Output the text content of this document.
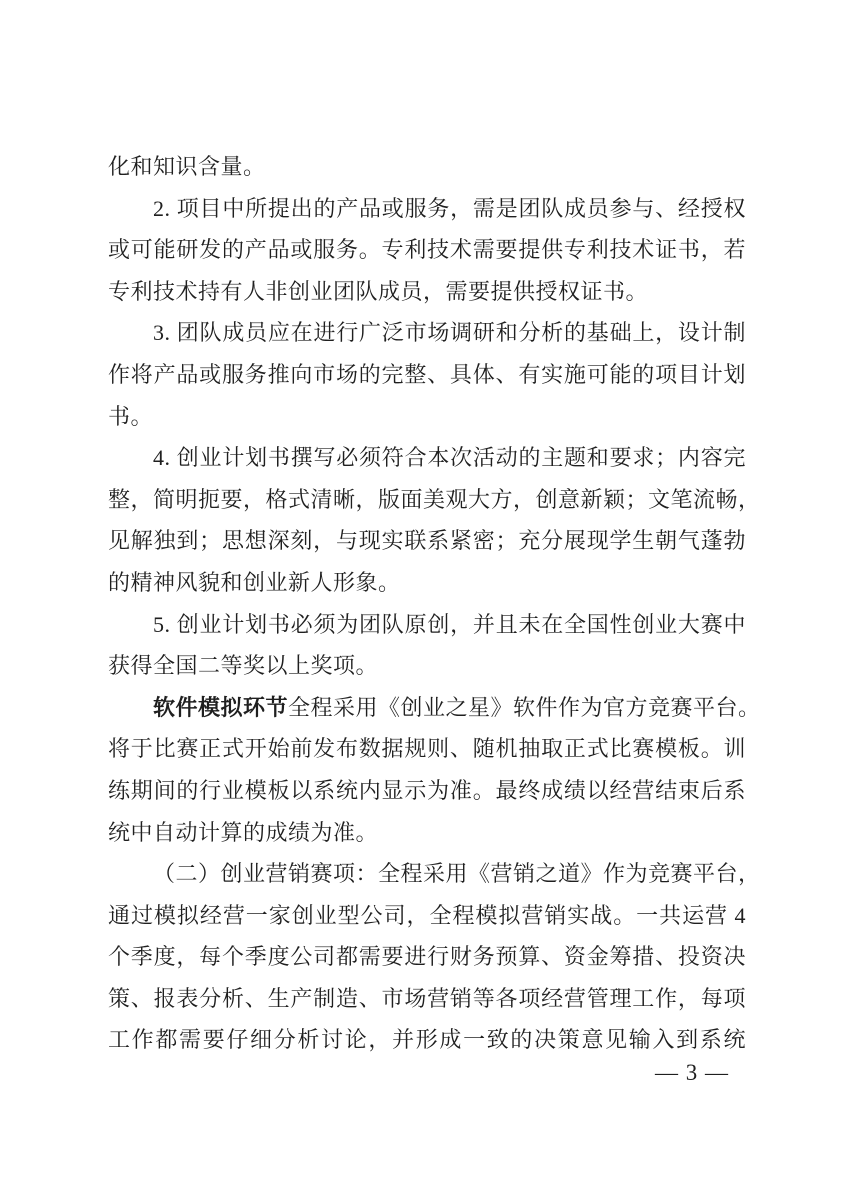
化和知识含量。
2. 项目中所提出的产品或服务，需是团队成员参与、经授权
或可能研发的产品或服务。专利技术需要提供专利技术证书，若
专利技术持有人非创业团队成员，需要提供授权证书。
3. 团队成员应在进行广泛市场调研和分析的基础上，设计制
作将产品或服务推向市场的完整、具体、有实施可能的项目计划
书。
4. 创业计划书撰写必须符合本次活动的主题和要求；内容完
整，简明扼要，格式清晰，版面美观大方，创意新颖；文笔流畅，
见解独到；思想深刻，与现实联系紧密；充分展现学生朝气蓬勃
的精神风貌和创业新人形象。
5. 创业计划书必须为团队原创，并且未在全国性创业大赛中
获得全国二等奖以上奖项。
软件模拟环节全程采用《创业之星》软件作为官方竞赛平台。
将于比赛正式开始前发布数据规则、随机抽取正式比赛模板。训
练期间的行业模板以系统内显示为准。最终成绩以经营结束后系
统中自动计算的成绩为准。
（二）创业营销赛项：全程采用《营销之道》作为竞赛平台，
通过模拟经营一家创业型公司，全程模拟营销实战。一共运营 4
个季度，每个季度公司都需要进行财务预算、资金筹措、投资决
策、报表分析、生产制造、市场营销等各项经营管理工作，每项
工作都需要仔细分析讨论，并形成一致的决策意见输入到系统
— 3 —
